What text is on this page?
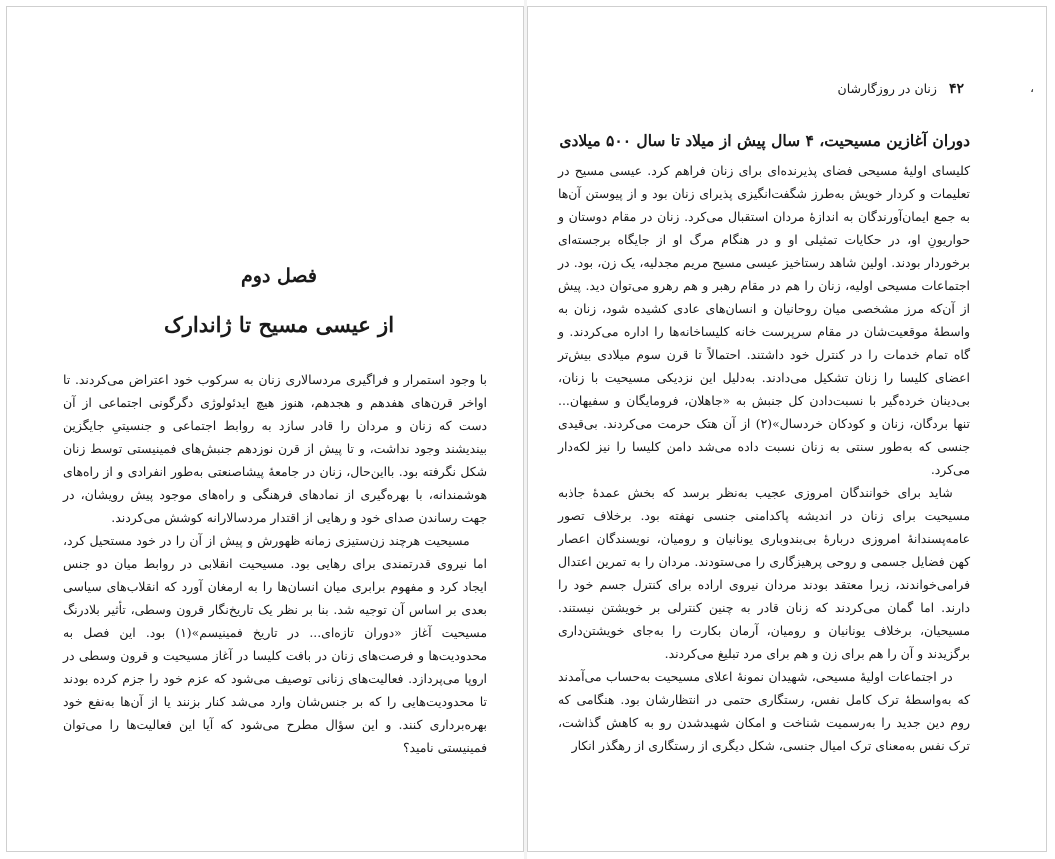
فصل دوم
از عیسی مسیح تا ژاندارک

با وجود استمرار و فراگیری مردسالاری زنان به سرکوب خود اعتراض می‌کردند. تا اواخر قرن‌های هفدهم و هجدهم، هنوز هیچ ایدئولوژی دگرگونی اجتماعی از آن دست که زنان و مردان را قادر سازد به روابط اجتماعی و جنسیتیِ جایگزین بیندیشند وجود نداشت، و تا پیش از قرن نوزدهم جنبش‌های فمینیستی توسط زنان شکل نگرفته بود. بااین‌حال، زنان در جامعهٔ پیشاصنعتی به‌طور انفرادی و از راه‌های هوشمندانه، با بهره‌گیری از نمادهای فرهنگی و راه‌های موجود پیش رویشان، در جهت رساندن صدای خود و رهایی از اقتدار مردسالارانه کوشش می‌کردند.

مسیحیت هرچند زن‌ستیزی زمانه ظهورش و پیش از آن را در خود مستحیل کرد، اما نیروی قدرتمندی برای رهایی بود. مسیحیت انقلابی در روابط میان دو جنس ایجاد کرد و مفهوم برابری میان انسان‌ها را به ارمغان آورد که انقلاب‌های سیاسی بعدی بر اساس آن توجیه شد. بنا بر نظر یک تاریخ‌نگار قرون وسطی، تأثیر بلادرنگ مسیحیت آغاز «دوران تازه‌ای... در تاریخ فمینیسم»(۱) بود. این فصل به محدودیت‌ها و فرصت‌های زنان در بافت کلیسا در آغاز مسیحیت و قرون وسطی در اروپا می‌پردازد. فعالیت‌های زنانی توصیف می‌شود که عزم خود را جزم کرده بودند تا محدودیت‌هایی را که بر جنس‌شان وارد می‌شد کنار بزنند یا از آن‌ها به‌نفع خود بهره‌برداری کنند. و این سؤال مطرح می‌شود که آیا این فعالیت‌ها را می‌توان فمینیستی نامید؟

۴۲
زنان در روزگارشان	،
دوران آغازین مسیحیت، ۴ سال پیش از میلاد تا سال ۵۰۰ میلادی

کلیسای اولیهٔ مسیحی فضای پذیرنده‌ای برای زنان فراهم کرد. عیسی مسیح در تعلیمات و کردار خویش به‌طرز شگفت‌انگیزی پذیرای زنان بود و از پیوستن آن‌ها به جمع ایمان‌آورندگان به اندازهٔ مردان استقبال می‌کرد. زنان در مقام دوستان و حواریونِ او، در حکایات تمثیلی او و در هنگام مرگ او از جایگاه برجسته‌ای برخوردار بودند. اولین شاهد رستاخیز عیسی مسیح مریم مجدلیه، یک زن، بود. در اجتماعات مسیحی اولیه، زنان را هم در مقام رهبر و هم رهرو می‌توان دید. پیش از آن‌که مرز مشخصی میان روحانیان و انسان‌های عادی کشیده شود، زنان به واسطهٔ موقعیت‌شان در مقام سرپرست خانه کلیساخانه‌ها را اداره می‌کردند. و گاه تمام خدمات را در کنترل خود داشتند. احتمالاً تا قرن سوم میلادی بیش‌تر اعضای کلیسا را زنان تشکیل می‌دادند. به‌دلیل این نزدیکی مسیحیت با زنان، بی‌دینان خرده‌گیر با نسبت‌دادن کل جنبش به «جاهلان، فرومایگان و سفیهان... تنها بردگان، زنان و کودکان خردسال»(۲) از آن هتک حرمت می‌کردند. بی‌قیدی جنسی که به‌طور سنتی به زنان نسبت داده می‌شد دامن کلیسا را نیز لکه‌دار می‌کرد.

شاید برای خوانندگان امروزی عجیب به‌نظر برسد که بخش عمدهٔ جاذبه مسیحیت برای زنان در اندیشه پاکدامنی جنسی نهفته بود. برخلاف تصور عامه‌پسندانهٔ امروزی دربارهٔ بی‌بندوباری یونانیان و رومیان، نویسندگان اعصار کهن فضایل جسمی و روحی پرهیزگاری را می‌ستودند. مردان را به تمرین اعتدال فرامی‌خواندند، زیرا معتقد بودند مردان نیروی اراده برای کنترل جسم خود را دارند. اما گمان می‌کردند که زنان قادر به چنین کنترلی بر خویشتن نیستند. مسیحیان، برخلاف یونانیان و رومیان، آرمان بکارت را به‌جای خویشتن‌داری برگزیدند و آن را هم برای زن و هم برای مرد تبلیغ می‌کردند.

در اجتماعات اولیهٔ مسیحی، شهیدان نمونهٔ اعلای مسیحیت به‌حساب می‌آمدند که به‌واسطهٔ ترک کامل نفس، رستگاری حتمی در انتظارشان بود. هنگامی که روم دین جدید را به‌رسمیت شناخت و امکان شهیدشدن رو به کاهش گذاشت، ترک نفس به‌معنای ترک امیال جنسی، شکل دیگری از رستگاری از رهگذر انکار
